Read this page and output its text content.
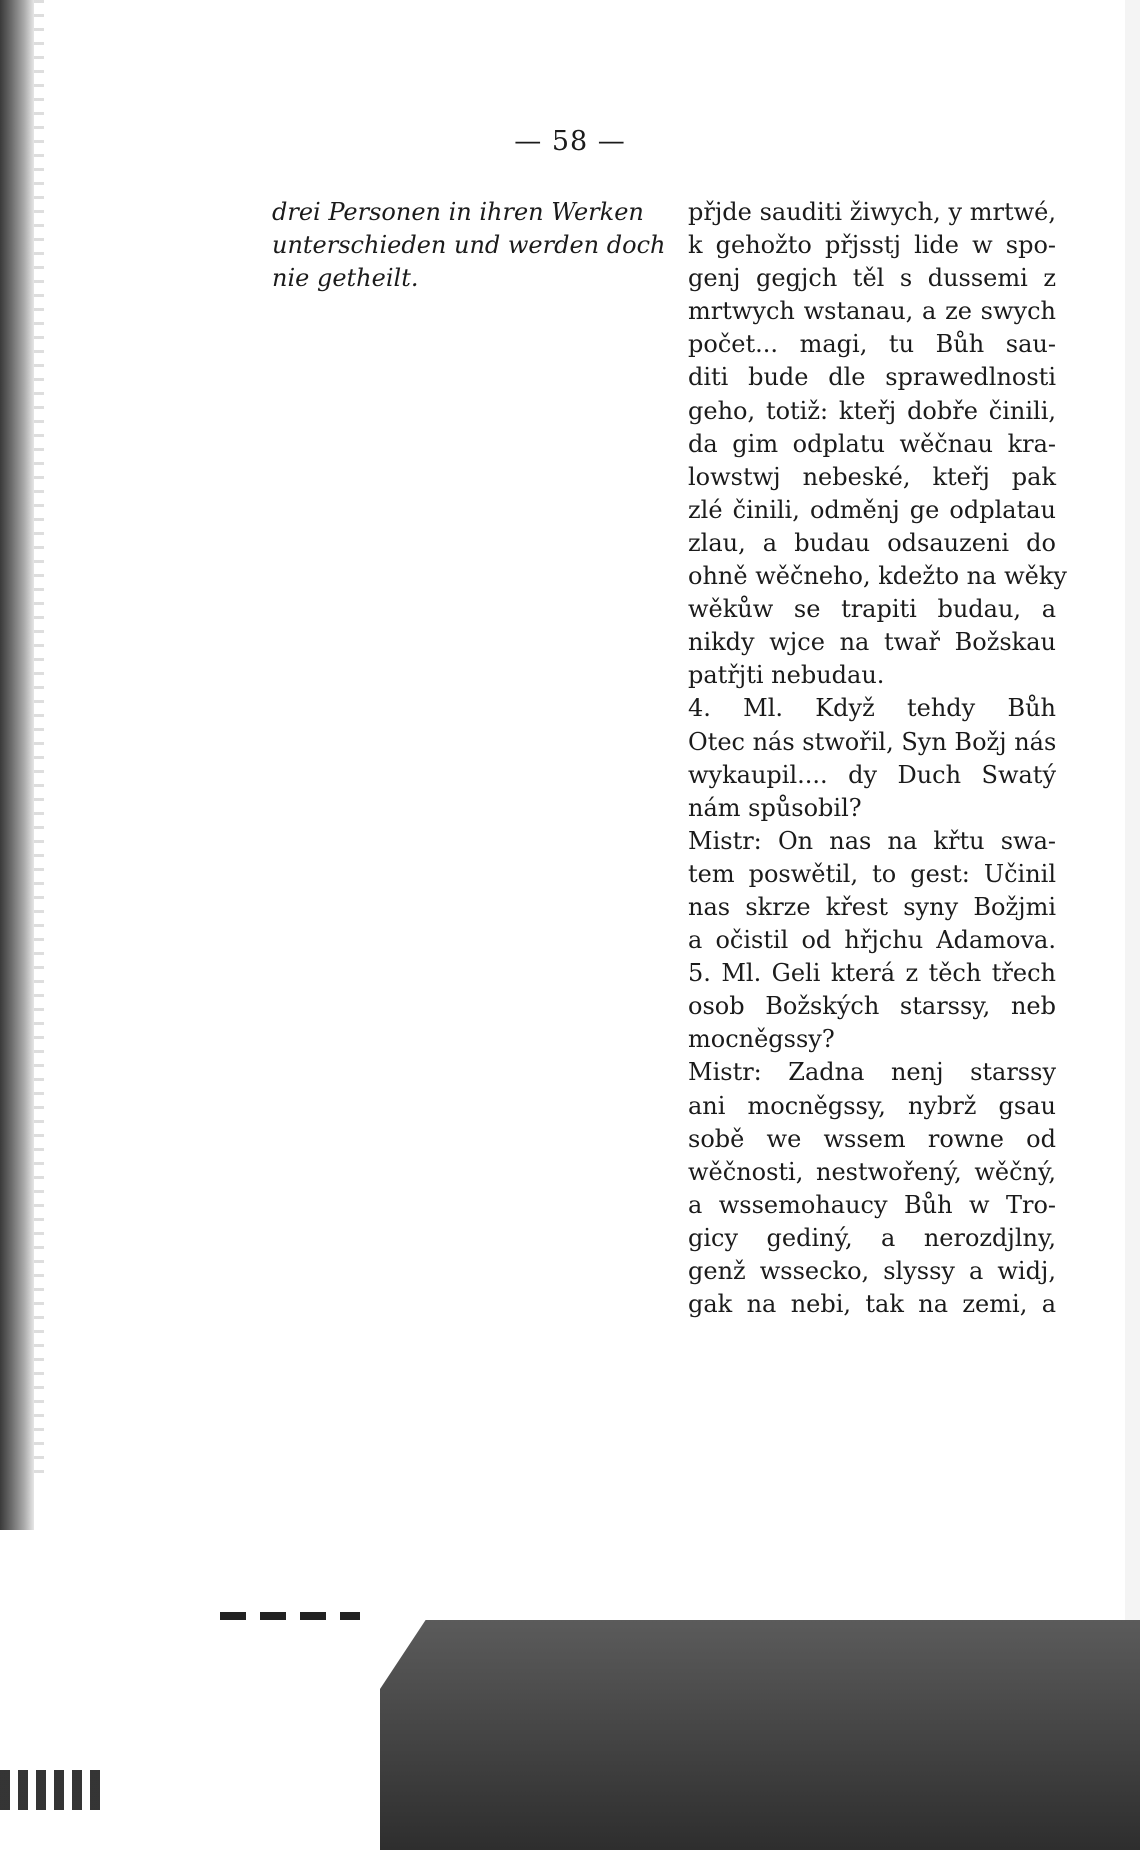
— 58 —
drei Personen in ihren Werken
unterschieden und werden doch
nie getheilt.
přjde sauditi žiwych, y mrtwé,
k gehožto přjsstj lide w spo-
genj gegjch těl s dussemi z
mrtwych wstanau, a ze swych
počet... magi, tu Bůh sau-
diti bude dle sprawedlnosti
geho, totiž: kteřj dobře činili,
da gim odplatu wěčnau kra-
lowstwj nebeské, kteřj pak
zlé činili, odměnj ge odplatau
zlau, a budau odsauzeni do
ohně wěčneho, kdežto na wěky
wěkůw se trapiti budau, a
nikdy wjce na twař Božskau
patřjti nebudau.
4. Ml. Když tehdy Bůh
Otec nás stwořil, Syn Božj nás
wykaupil.... dy Duch Swatý
nám spůsobil?
Mistr: On nas na křtu swa-
tem poswětil, to gest: Učinil
nas skrze křest syny Božjmi
a očistil od hřjchu Adamova.
5. Ml. Geli která z těch třech
osob Božských starssy, neb
mocněgssy?
Mistr: Zadna nenj starssy
ani mocněgssy, nybrž gsau
sobě we wssem rowne od
wěčnosti, nestwořený, wěčný,
a wssemohaucy Bůh w Tro-
gicy gediný, a nerozdjlny,
genž wssecko, slyssy a widj,
gak na nebi, tak na zemi, a
